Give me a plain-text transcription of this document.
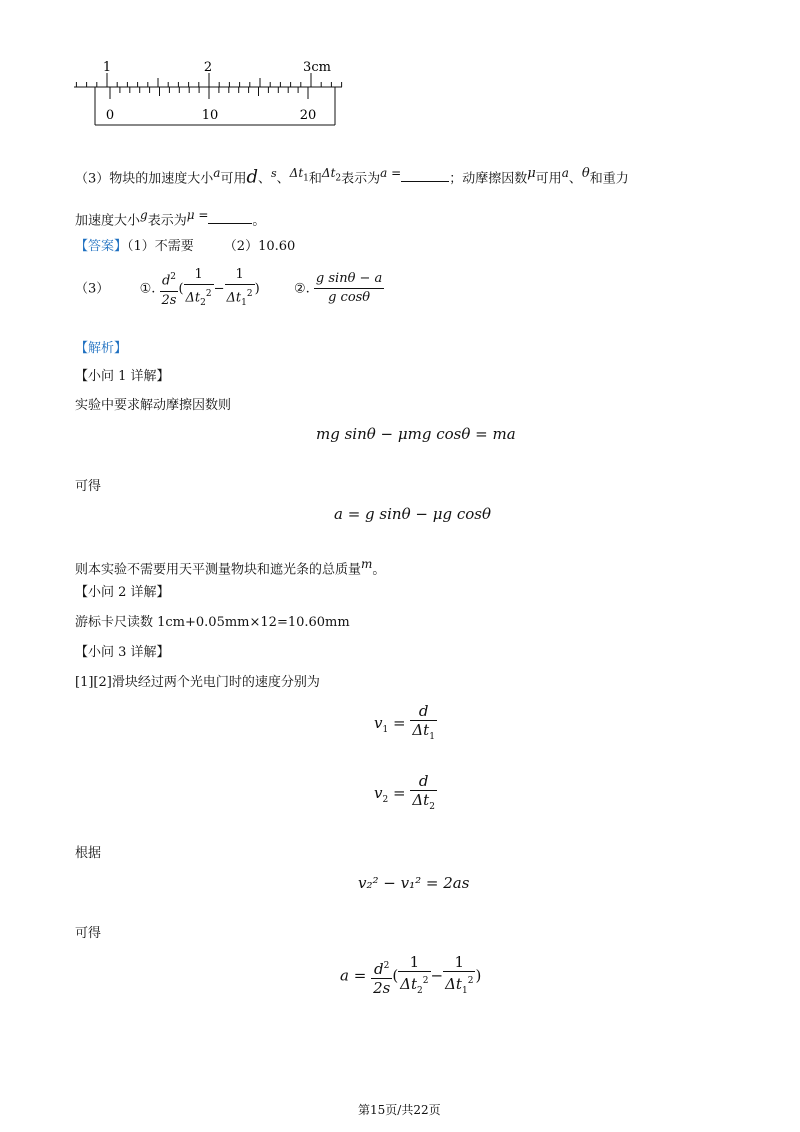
1	2	3cm
0	10	20
（3）物块的加速度大小$^a$可用d、$^s$、$^{\Delta t_1}$和$^{\Delta t_2}$表示为$^{a =}$	；动摩擦因数$^\mu$可用$^a$、$^\theta$和重力
加速度大小$^g$表示为$^{\mu =}$	。
【答案】（1）不需要 （2）10.60
（3） ①. $\frac{d^2}{2s}$ ( $\frac{1}{\Delta t_2^2} - \frac{1}{\Delta t_1^2}$ )  ②. $\frac{\text{g sinθ − a}}{\text{g cosθ}}$
【解析】
【小问 1 详解】
实验中要求解动摩擦因数则
mg sinθ − μmg cosθ = ma
可得
a = g sinθ − μg cosθ
则本实验不需要用天平测量物块和遮光条的总质量$^m$。
【小问 2 详解】
游标卡尺读数 1cm+0.05mm×12=10.60mm
【小问 3 详解】
[1][2]滑块经过两个光电门时的速度分别为
$v_1 = \frac{d}{\Delta t_1}$
$v_2 = \frac{d}{\Delta t_2}$
根据
v₂² − v₁² = 2as
可得
$a = \frac{d^2}{2s}$ ( $\frac{1}{\Delta t_2^2} - \frac{1}{\Delta t_1^2}$ )
第15页/共22页
